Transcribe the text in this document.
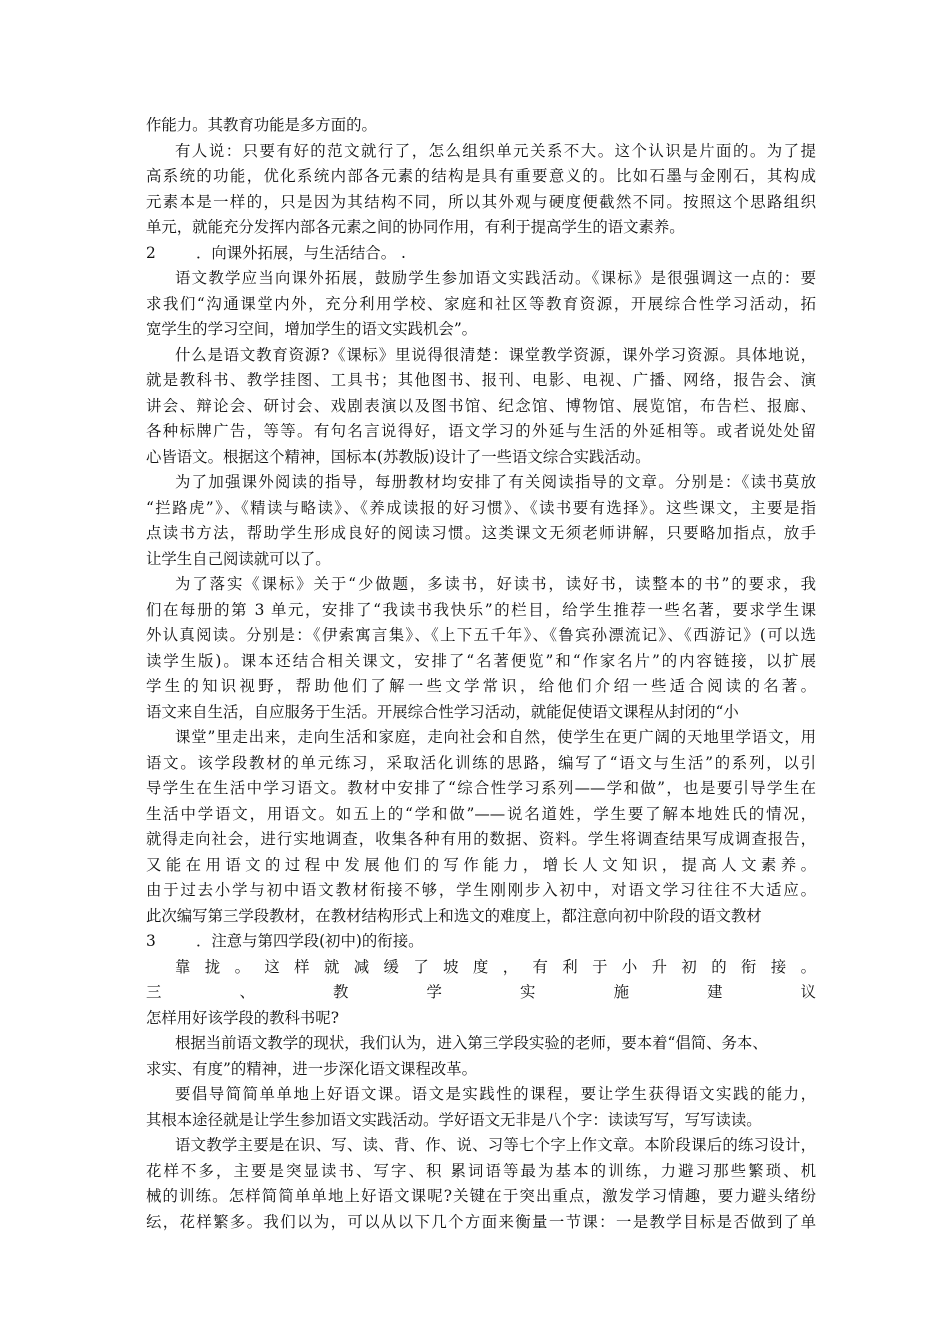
作能力。其教育功能是多方面的。
有人说：只要有好的范文就行了，怎么组织单元关系不大。这个认识是片面的。为了提
高系统的功能，优化系统内部各元素的结构是具有重要意义的。比如石墨与金刚石，其构成
元素本是一样的，只是因为其结构不同，所以其外观与硬度便截然不同。按照这个思路组织
单元，就能充分发挥内部各元素之间的协同作用，有利于提高学生的语文素养。
2	．向课外拓展，与生活结合。 .
语文教学应当向课外拓展，鼓励学生参加语文实践活动。《课标》是很强调这一点的：要
求我们“沟通课堂内外，充分利用学校、家庭和社区等教育资源，开展综合性学习活动，拓
宽学生的学习空间，增加学生的语文实践机会”。
什么是语文教育资源?《课标》里说得很清楚：课堂教学资源，课外学习资源。具体地说，
就是教科书、教学挂图、工具书；其他图书、报刊、电影、电视、广播、网络，报告会、演
讲会、辩论会、研讨会、戏剧表演以及图书馆、纪念馆、博物馆、展览馆，布告栏、报廊、
各种标牌广告，等等。有句名言说得好，语文学习的外延与生活的外延相等。或者说处处留
心皆语文。根据这个精神，国标本(苏教版)设计了一些语文综合实践活动。
为了加强课外阅读的指导，每册教材均安排了有关阅读指导的文章。分别是：《读书莫放
“拦路虎”》、《精读与略读》、《养成读报的好习惯》、《读书要有选择》。这些课文，主要是指
点读书方法，帮助学生形成良好的阅读习惯。这类课文无须老师讲解，只要略加指点，放手
让学生自己阅读就可以了。
为了落实《课标》关于“少做题，多读书，好读书，读好书，读整本的书”的要求，我
们在每册的第 3 单元，安排了“我读书我快乐”的栏目，给学生推荐一些名著，要求学生课
外认真阅读。分别是：《伊索寓言集》、《上下五千年》、《鲁宾孙漂流记》、《西游记》(可以选
读学生版)。课本还结合相关课文，安排了“名著便览”和“作家名片”的内容链接，以扩展
学生的知识视野，帮助他们了解一些文学常识，给他们介绍一些适合阅读的名著。
语文来自生活，自应服务于生活。开展综合性学习活动，就能促使语文课程从封闭的“小
课堂”里走出来，走向生活和家庭，走向社会和自然，使学生在更广阔的天地里学语文，用
语文。该学段教材的单元练习，采取活化训练的思路，编写了“语文与生活”的系列，以引
导学生在生活中学习语文。教材中安排了“综合性学习系列——学和做”，也是要引导学生在
生活中学语文，用语文。如五上的“学和做”——说名道姓，学生要了解本地姓氏的情况，
就得走向社会，进行实地调查，收集各种有用的数据、资料。学生将调查结果写成调查报告，
又能在用语文的过程中发展他们的写作能力，增长人文知识，提高人文素养。
由于过去小学与初中语文教材衔接不够，学生刚刚步入初中，对语文学习往往不大适应。
此次编写第三学段教材，在教材结构形式上和选文的难度上，都注意向初中阶段的语文教材
3	．注意与第四学段(初中)的衔接。
靠拢。这样就减缓了坡度，有利于小升初的衔接。
三、教学实施建议
怎样用好该学段的教科书呢?
根据当前语文教学的现状，我们认为，进入第三学段实验的老师，要本着“倡简、务本、
求实、有度”的精神，进一步深化语文课程改革。
要倡导简简单单地上好语文课。语文是实践性的课程，要让学生获得语文实践的能力，
其根本途径就是让学生参加语文实践活动。学好语文无非是八个字：读读写写，写写读读。
语文教学主要是在识、写、读、背、作、说、习等七个字上作文章。本阶段课后的练习设计，
花样不多，主要是突显读书、写字、积 累词语等最为基本的训练，力避习那些繁琐、机
械的训练。怎样简简单单地上好语文课呢?关键在于突出重点，激发学习情趣，要力避头绪纷
纭，花样繁多。我们以为，可以从以下几个方面来衡量一节课：一是教学目标是否做到了单
